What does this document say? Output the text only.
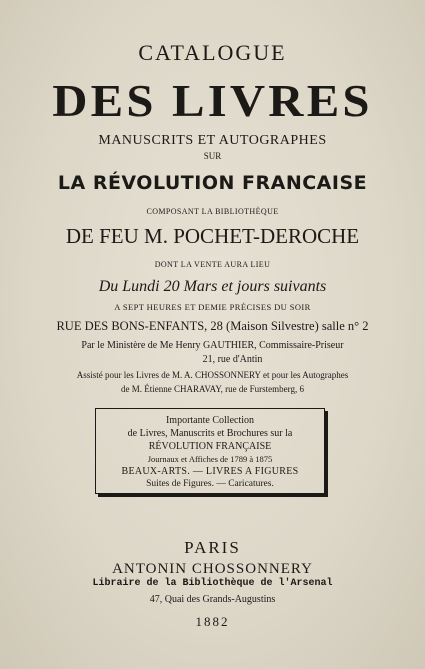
CATALOGUE
DES LIVRES
MANUSCRITS ET AUTOGRAPHES
SUR
LA RÉVOLUTION FRANCAISE
COMPOSANT LA BIBLIOTHÈQUE
DE FEU M. POCHET-DEROCHE
DONT LA VENTE AURA LIEU
Du Lundi 20 Mars et jours suivants
A SEPT HEURES ET DEMIE PRÉCISES DU SOIR
RUE DES BONS-ENFANTS, 28 (Maison Silvestre) salle n° 2
Par le Ministère de Me Henry GAUTHIER, Commissaire-Priseur
21, rue d'Antin
Assisté pour les Livres de M. A. CHOSSONNERY et pour les Autographes
de M. Étienne CHARAVAY, rue de Furstemberg, 6
Importante Collection
de Livres, Manuscrits et Brochures sur la
RÉVOLUTION FRANÇAISE
Journaux et Affiches de 1789 à 1875
BEAUX-ARTS. — LIVRES A FIGURES
Suites de Figures. — Caricatures.
PARIS
ANTONIN CHOSSONNERY
Libraire de la Bibliothèque de l'Arsenal
47, Quai des Grands-Augustins
1882
